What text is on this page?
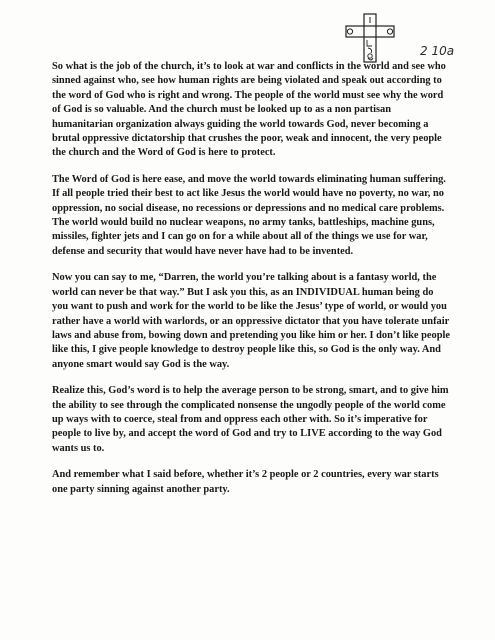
2 10a

So what is the job of the church, it’s to look at war and conflicts in the world and see who sinned against who, see how human rights are being violated and speak out according to the word of God who is right and wrong. The people of the world must see why the word of God is so valuable. And the church must be looked up to as a non partisan humanitarian organization always guiding the world towards God, never becoming a brutal oppressive dictatorship that crushes the poor, weak and innocent, the very people the church and the Word of God is here to protect.

The Word of God is here ease, and move the world towards eliminating human suffering. If all people tried their best to act like Jesus the world would have no poverty, no war, no oppression, no social disease, no recessions or depressions and no medical care problems. The world would build no nuclear weapons, no army tanks, battleships, machine guns, missiles, fighter jets and I can go on for a while about all of the things we use for war, defense and security that would have never have had to be invented.

Now you can say to me, “Darren, the world you’re talking about is a fantasy world, the world can never be that way.” But I ask you this, as an INDIVIDUAL human being do you want to push and work for the world to be like the Jesus’ type of world, or would you rather have a world with warlords, or an oppressive dictator that you have tolerate unfair laws and abuse from, bowing down and pretending you like him or her. I don’t like people like this, I give people knowledge to destroy people like this, so God is the only way. And anyone smart would say God is the way.

Realize this, God’s word is to help the average person to be strong, smart, and to give him the ability to see through the complicated nonsense the ungodly people of the world come up ways with to coerce, steal from and oppress each other with. So it’s imperative for people to live by, and accept the word of God and try to LIVE according to the way God wants us to.

And remember what I said before, whether it’s 2 people or 2 countries, every war starts one party sinning against another party.
